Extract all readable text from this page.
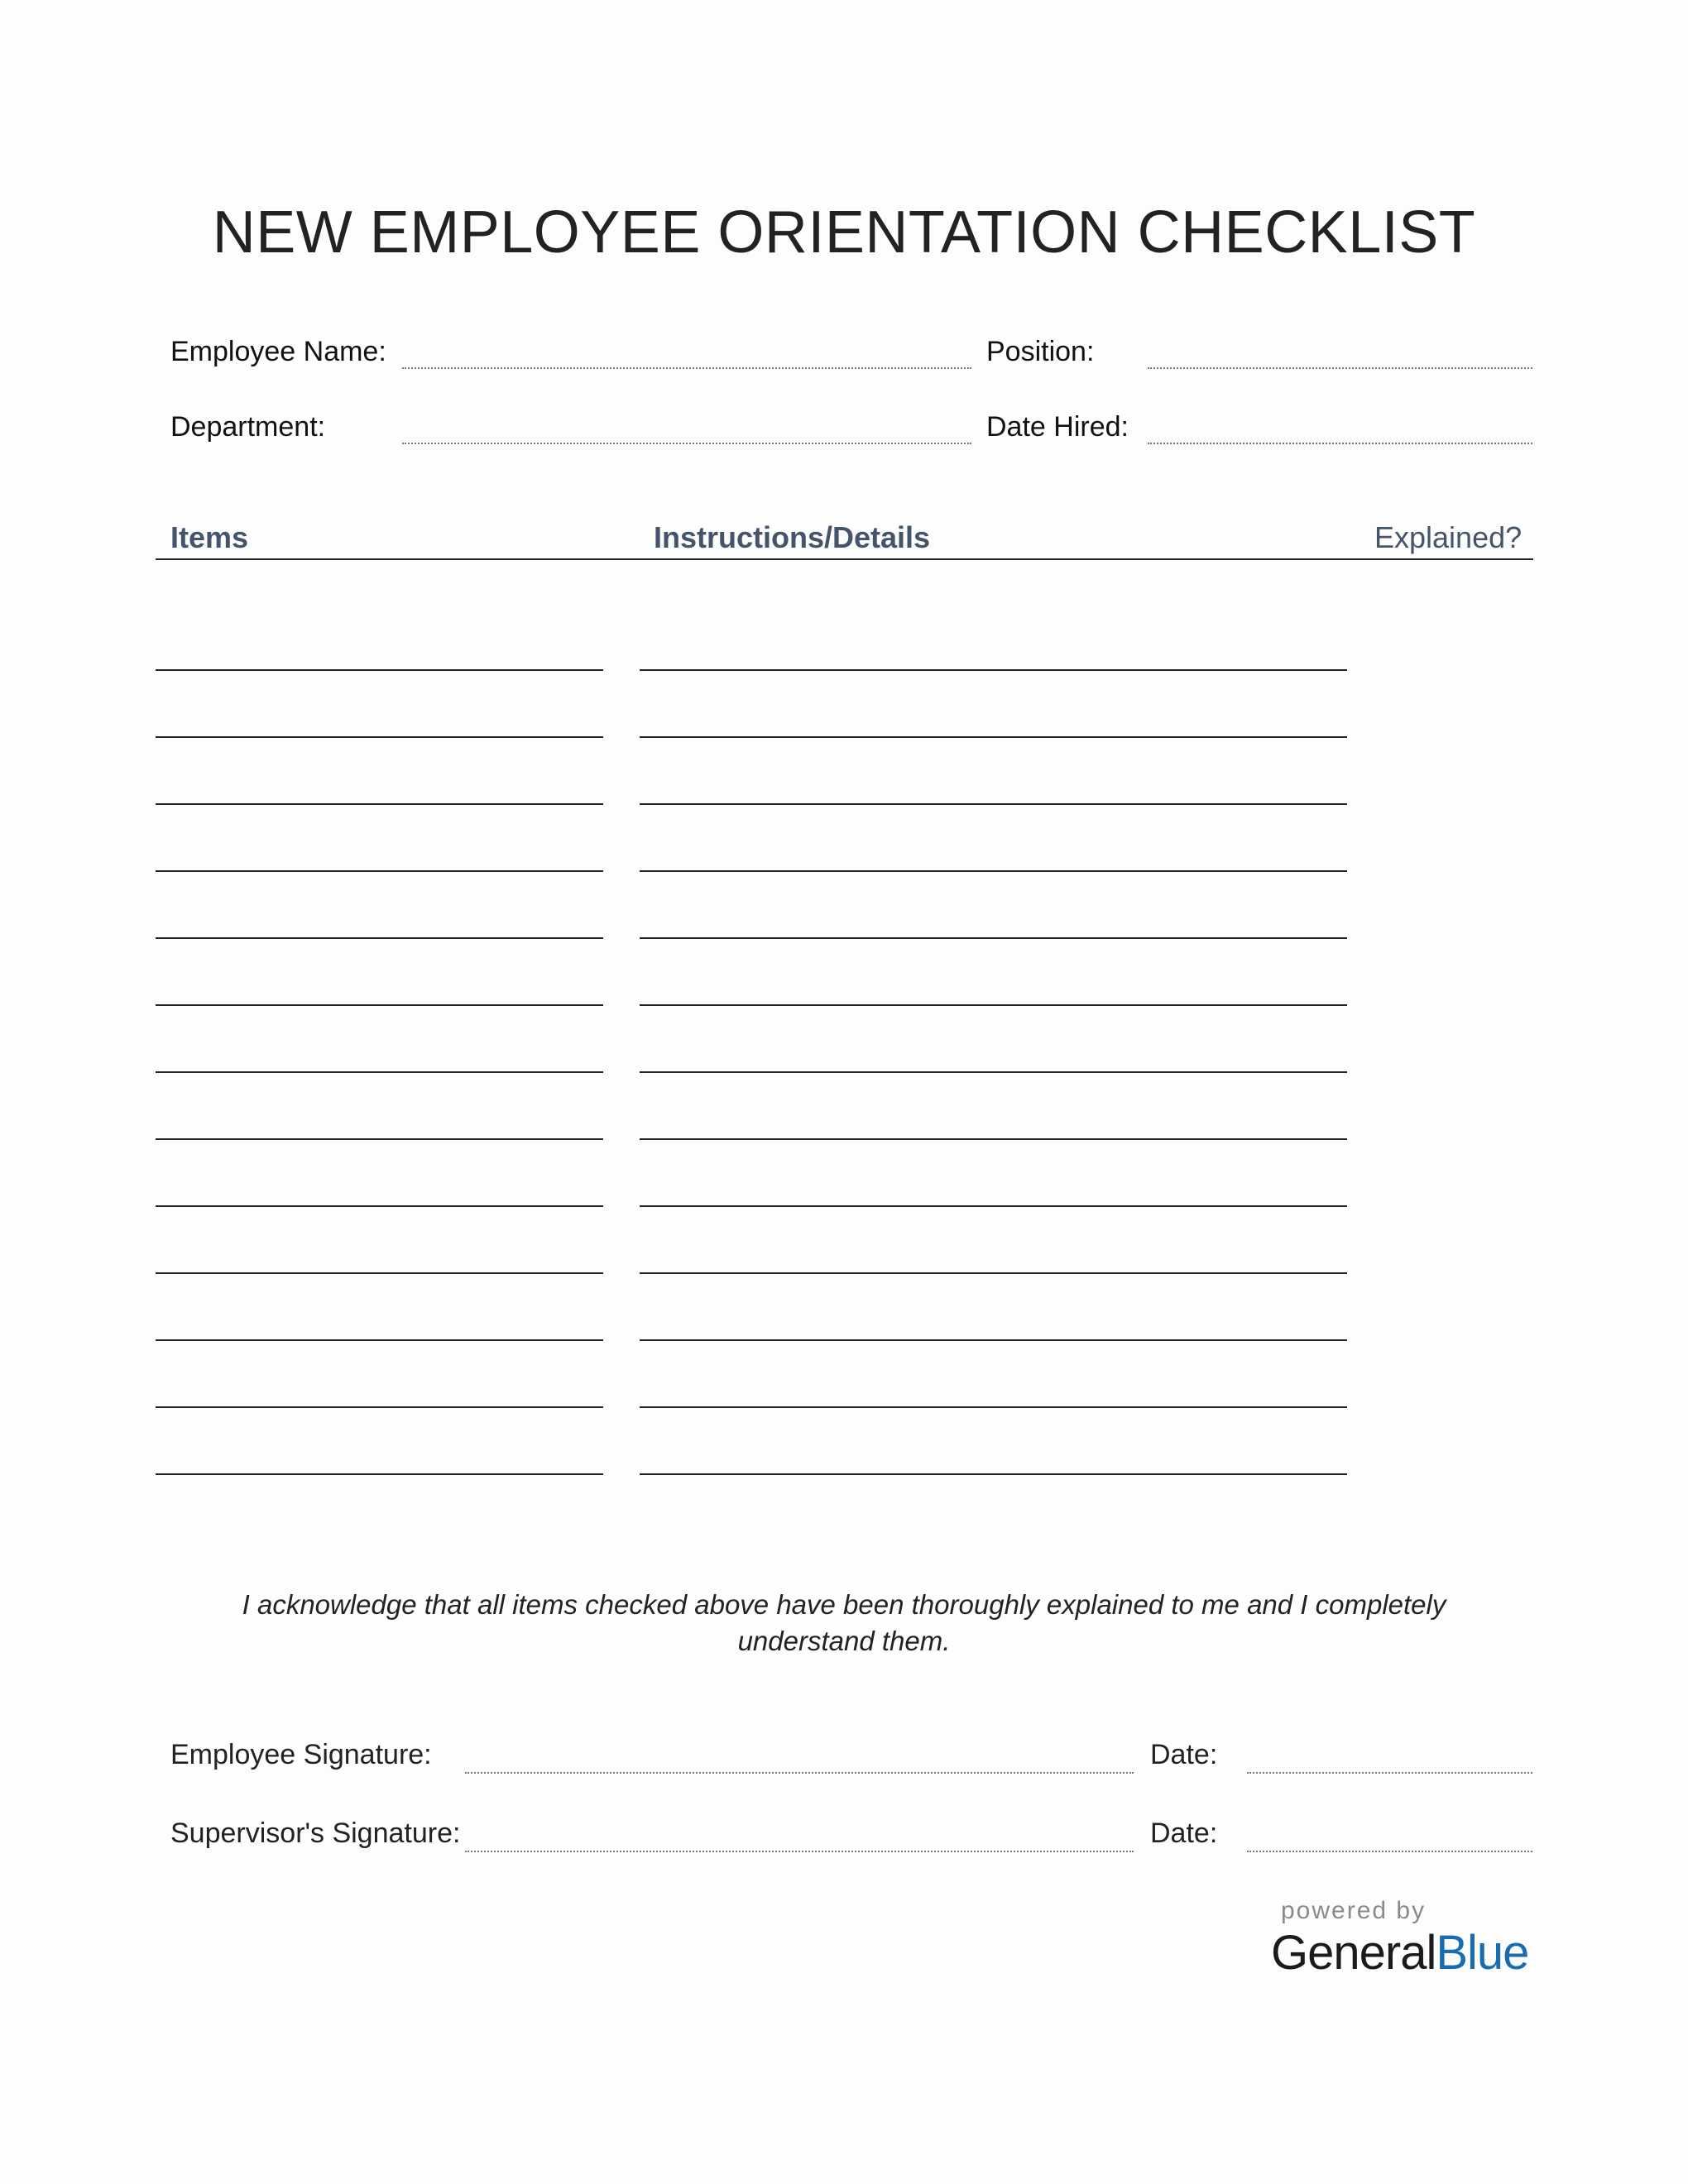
NEW EMPLOYEE ORIENTATION CHECKLIST
Employee Name:	Position:
Department:	Date Hired:
Items	Instructions/Details	Explained?
I acknowledge that all items checked above have been thoroughly explained to me and I completely understand them.
Employee Signature:	Date:
Supervisor's Signature:	Date:
powered by
GeneralBlue
